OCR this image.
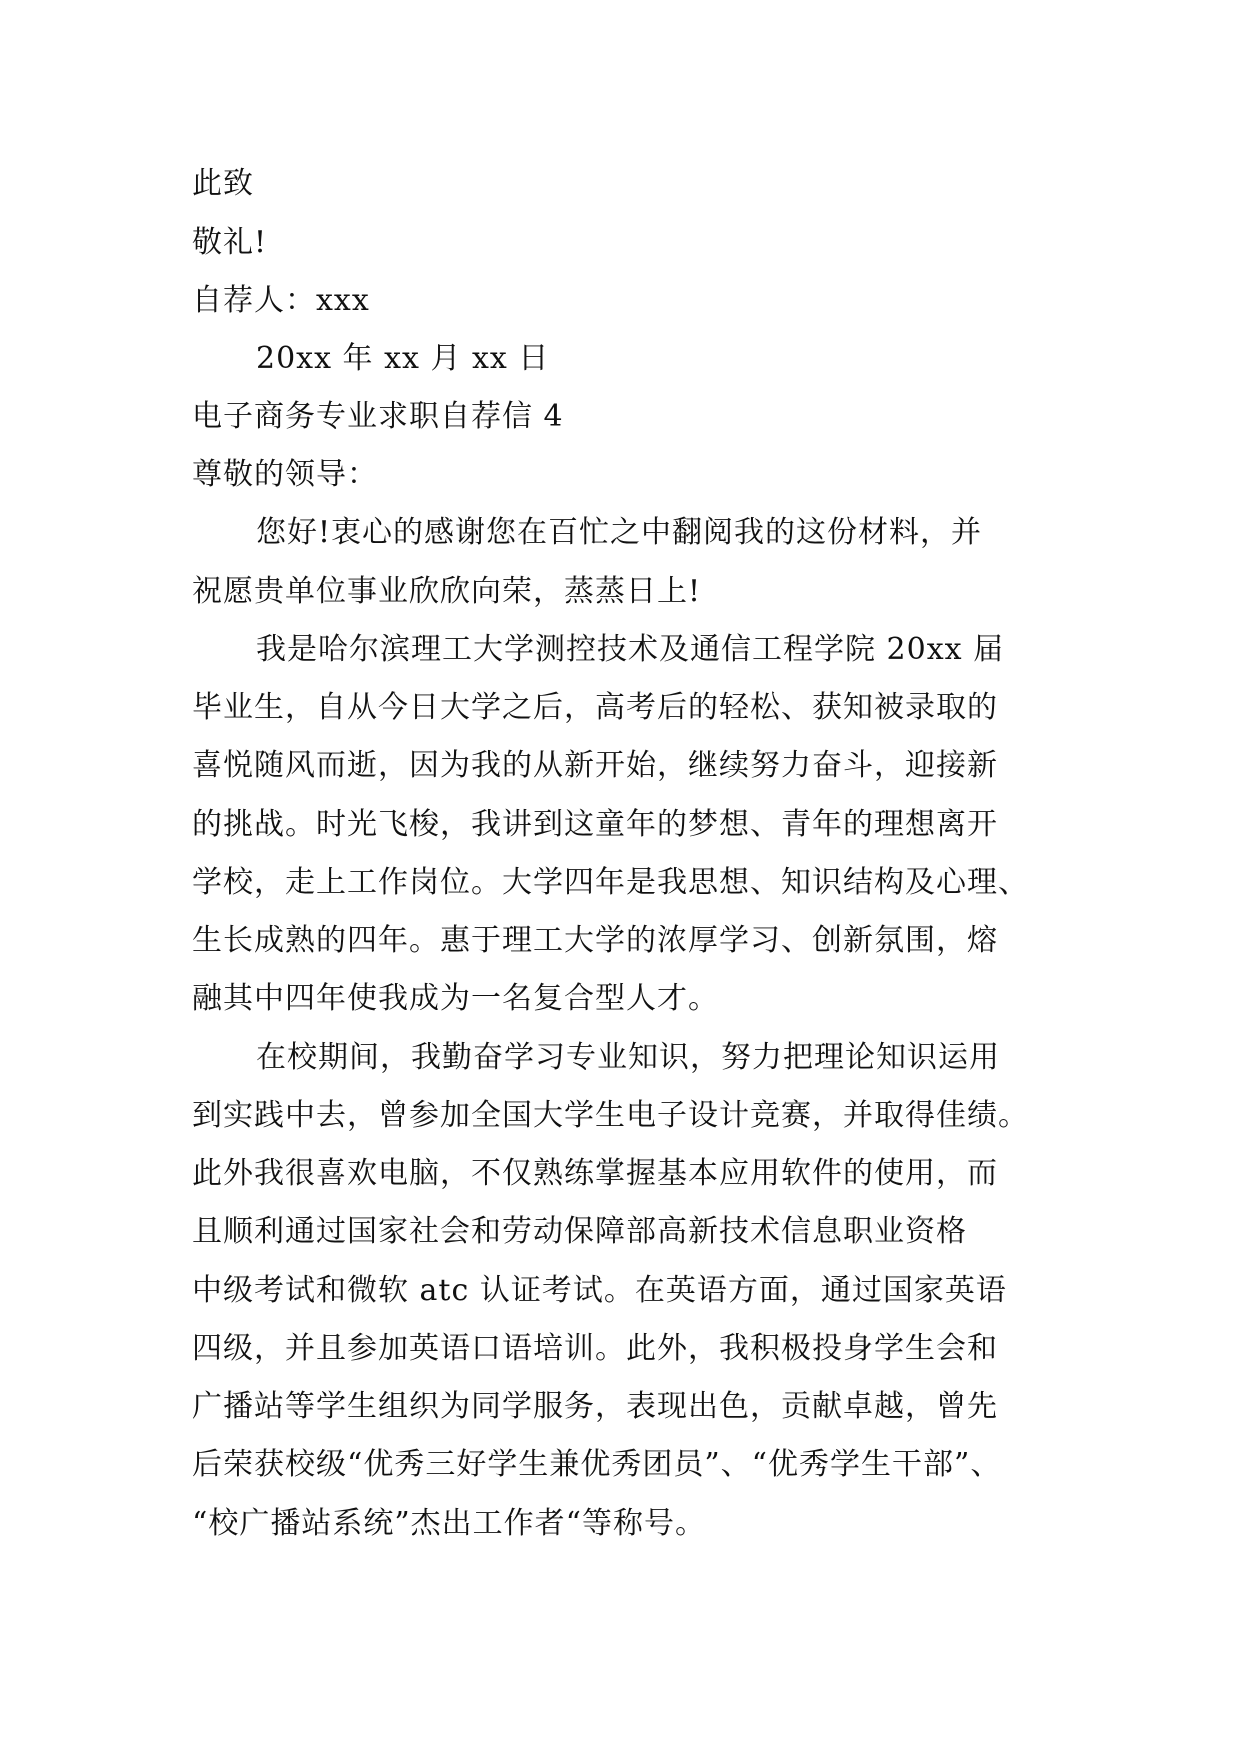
此致
敬礼!
自荐人：xxx
20xx 年 xx 月 xx 日
电子商务专业求职自荐信 4
尊敬的领导：
您好!衷心的感谢您在百忙之中翻阅我的这份材料，并
祝愿贵单位事业欣欣向荣，蒸蒸日上!
我是哈尔滨理工大学测控技术及通信工程学院 20xx 届
毕业生，自从今日大学之后，高考后的轻松、获知被录取的
喜悦随风而逝，因为我的从新开始，继续努力奋斗，迎接新
的挑战。时光飞梭，我讲到这童年的梦想、青年的理想离开
学校，走上工作岗位。大学四年是我思想、知识结构及心理、
生长成熟的四年。惠于理工大学的浓厚学习、创新氛围，熔
融其中四年使我成为一名复合型人才。
在校期间，我勤奋学习专业知识，努力把理论知识运用
到实践中去，曾参加全国大学生电子设计竞赛，并取得佳绩。
此外我很喜欢电脑，不仅熟练掌握基本应用软件的使用，而
且顺利通过国家社会和劳动保障部高新技术信息职业资格
中级考试和微软 atc 认证考试。在英语方面，通过国家英语
四级，并且参加英语口语培训。此外，我积极投身学生会和
广播站等学生组织为同学服务，表现出色，贡献卓越，曾先
后荣获校级“优秀三好学生兼优秀团员”、“优秀学生干部”、
“校广播站系统”杰出工作者“等称号。
